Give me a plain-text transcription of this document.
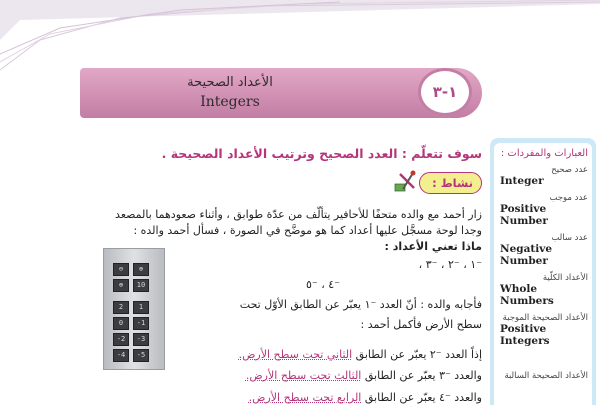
الأعداد الصحيحة
Integers
١-٣
سوف تتعلّم : العدد الصحيح وترتيب الأعداد الصحيحة .
نشاط :
زار أحمد مع والده متحفًا للأحافير يتألّف من عدّة طوابق ، وأثناء صعودهما بالمصعد
وجدا لوحة مسجَّل عليها أعداد كما هو موضَّح في الصورة ، فسأل أحمد والده :
ماذا تعني الأعداد :
⁻١ ، ⁻٢ ، ⁻٣ ،
⁻٤ ، ⁻٥
فأجابه والده : أنّ العدد ⁻١ يعبّر عن الطابق الأوّل تحت
سطح الأرض فأكمل أحمد :
إذاً العدد ⁻٢ يعبّر عن الطابق الثاني تحت سطح الأرض.
والعدد ⁻٣ يعبّر عن الطابق الثالث تحت سطح الأرض.
والعدد ⁻٤ يعبّر عن الطابق الرابع تحت سطح الأرض.
⊖	⊕
⊕	10
2	1
0	-1
-2	-3
-4	-5
العبارات والمفردات :
عدد صحيح
Integer
عدد موجب
Positive Number
عدد سالب
Negative Number
الأعداد الكلّية
Whole Numbers
الأعداد الصحيحة الموجبة
Positive Integers
الأعداد الصحيحة السالبة
